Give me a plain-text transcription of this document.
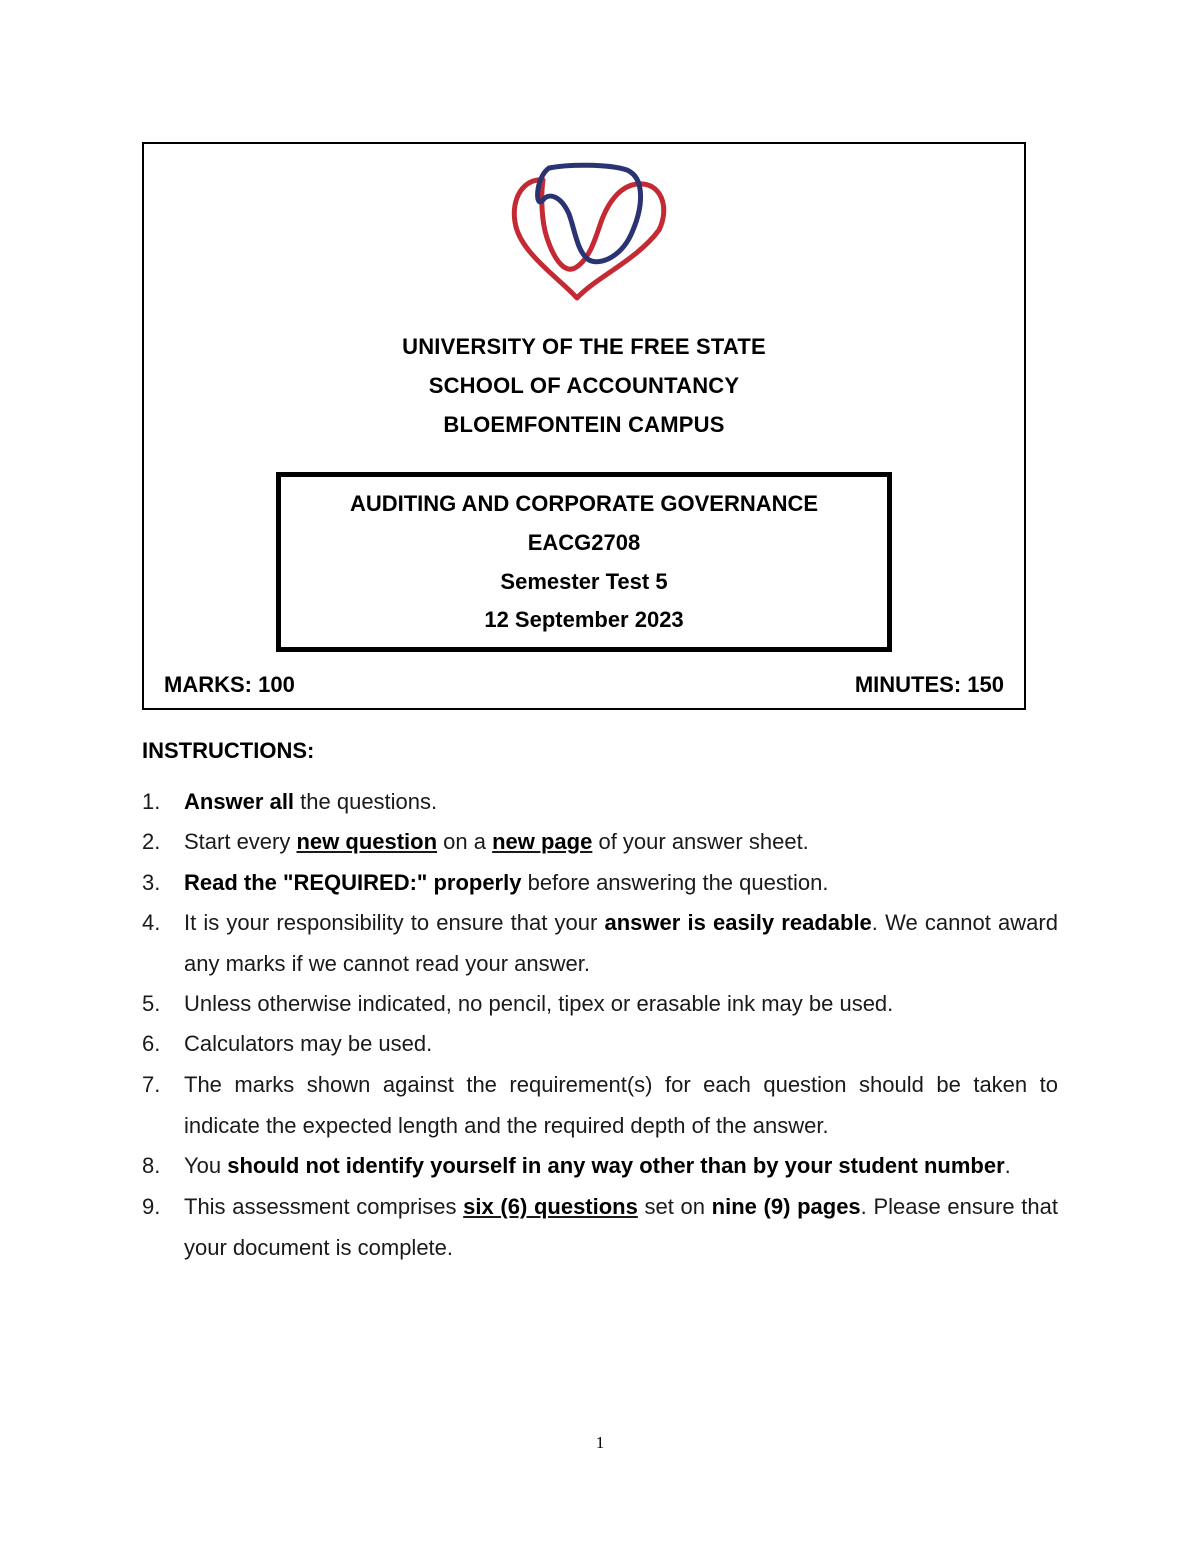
UNIVERSITY OF THE FREE STATE
SCHOOL OF ACCOUNTANCY
BLOEMFONTEIN CAMPUS
AUDITING AND CORPORATE GOVERNANCE
EACG2708
Semester Test 5
12 September 2023
MARKS: 100	MINUTES: 150
INSTRUCTIONS:
1. Answer all the questions.
2. Start every new question on a new page of your answer sheet.
3. Read the "REQUIRED:" properly before answering the question.
4. It is your responsibility to ensure that your answer is easily readable. We cannot award any marks if we cannot read your answer.
5. Unless otherwise indicated, no pencil, tipex or erasable ink may be used.
6. Calculators may be used.
7. The marks shown against the requirement(s) for each question should be taken to indicate the expected length and the required depth of the answer.
8. You should not identify yourself in any way other than by your student number.
9. This assessment comprises six (6) questions set on nine (9) pages. Please ensure that your document is complete.
1
